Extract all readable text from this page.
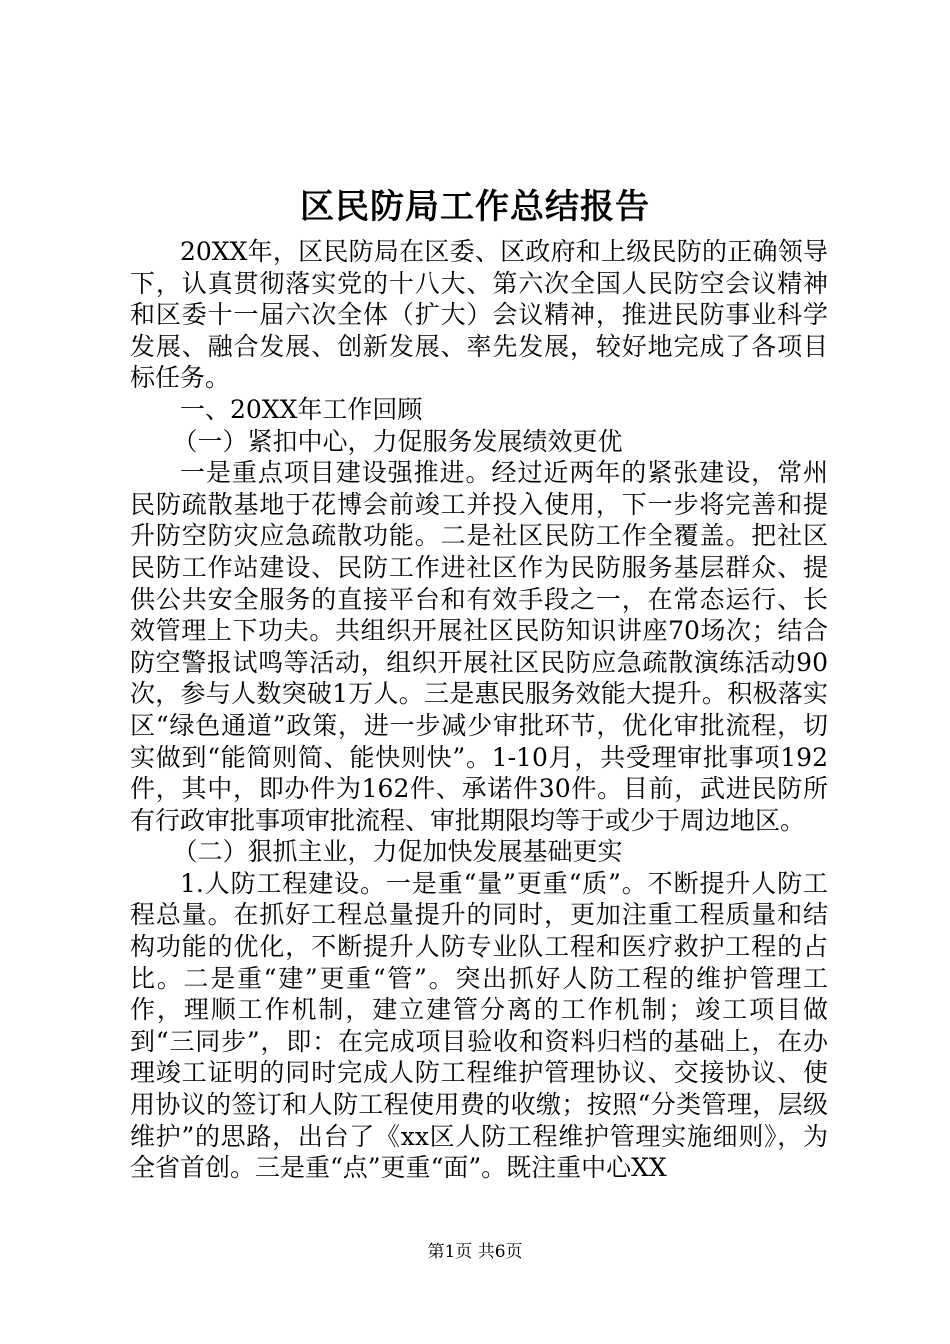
区民防局工作总结报告

20XX年，区民防局在区委、区政府和上级民防的正确领导下，认真贯彻落实党的十八大、第六次全国人民防空会议精神和区委十一届六次全体（扩大）会议精神，推进民防事业科学发展、融合发展、创新发展、率先发展，较好地完成了各项目标任务。

一、20XX年工作回顾

（一）紧扣中心，力促服务发展绩效更优

一是重点项目建设强推进。经过近两年的紧张建设，常州民防疏散基地于花博会前竣工并投入使用，下一步将完善和提升防空防灾应急疏散功能。二是社区民防工作全覆盖。把社区民防工作站建设、民防工作进社区作为民防服务基层群众、提供公共安全服务的直接平台和有效手段之一，在常态运行、长效管理上下功夫。共组织开展社区民防知识讲座70场次；结合防空警报试鸣等活动，组织开展社区民防应急疏散演练活动90次，参与人数突破1万人。三是惠民服务效能大提升。积极落实区“绿色通道”政策，进一步减少审批环节，优化审批流程，切实做到“能简则简、能快则快”。1-10月，共受理审批事项192件，其中，即办件为162件、承诺件30件。目前，武进民防所有行政审批事项审批流程、审批期限均等于或少于周边地区。

（二）狠抓主业，力促加快发展基础更实

1.人防工程建设。一是重“量”更重“质”。不断提升人防工程总量。在抓好工程总量提升的同时，更加注重工程质量和结构功能的优化，不断提升人防专业队工程和医疗救护工程的占比。二是重“建”更重“管”。突出抓好人防工程的维护管理工作，理顺工作机制，建立建管分离的工作机制；竣工项目做到“三同步”，即：在完成项目验收和资料归档的基础上，在办理竣工证明的同时完成人防工程维护管理协议、交接协议、使用协议的签订和人防工程使用费的收缴；按照“分类管理，层级维护”的思路，出台了《xx区人防工程维护管理实施细则》，为全省首创。三是重“点”更重“面”。既注重中心XX

第1页 共6页
